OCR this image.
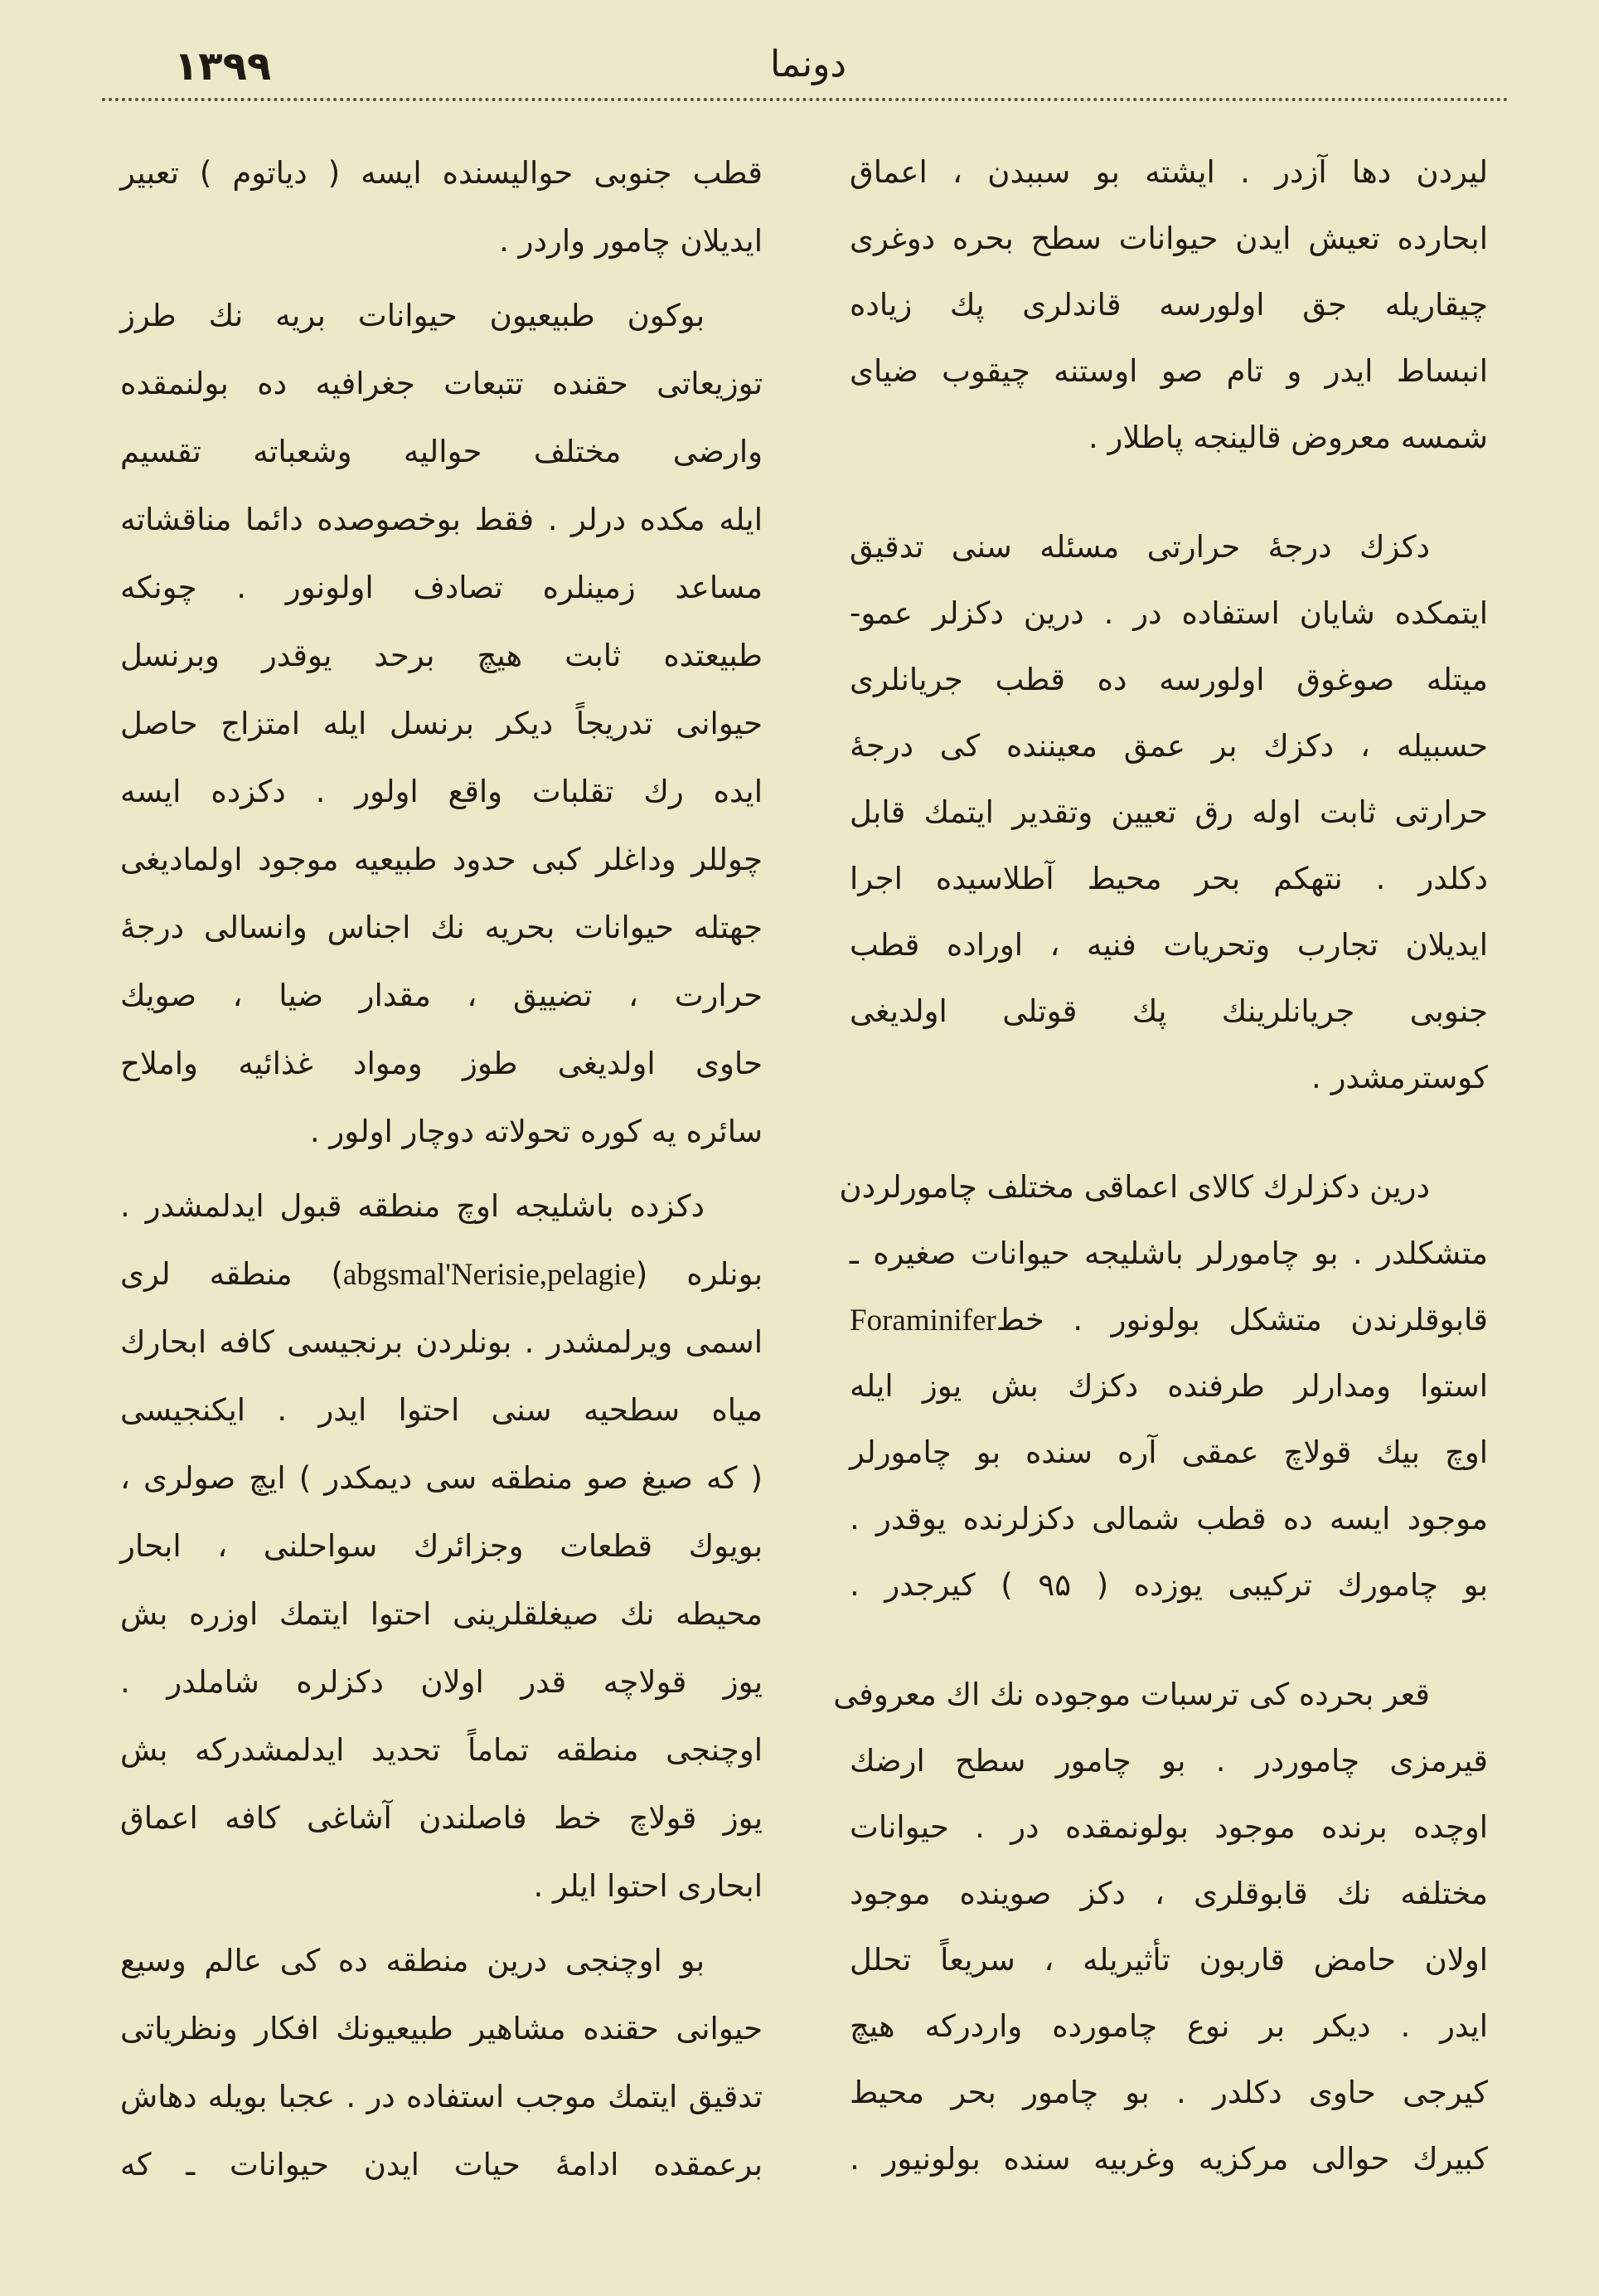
۱۳۹۹	دونما
ليردن دها آزدر . ايشته بو سببدن ، اعماق
ابحارده تعيش ايدن حيوانات سطح بحره دوغرى
چيقاريله جق اولورسه قاندلرى پك زياده
انبساط ايدر و تام صو اوستنه چيقوب ضياى
شمسه معروض قالينجه پاطلار .
دكزك درجهٔ حرارتى مسئله سنى تدقيق
ايتمكده شايان استفاده در . درين دكزلر عمو-
ميتله صوغوق اولورسه ده قطب جريانلرى
حسبيله ، دكزك بر عمق معيننده كى درجهٔ
حرارتى ثابت اوله رق تعيين وتقدير ايتمك قابل
دكلدر . نتهكم بحر محيط آطلاسيده اجرا
ايديلان تجارب وتحريات فنيه ، اوراده قطب
جنوبى جريانلرينك پك قوتلى اولديغى
كوسترمشدر .
درين دكزلرك كالاى اعماقى مختلف چامورلردن
متشكلدر . بو چامورلر باشليجه حيوانات صغيره ـ
قابوقلرندن متشكل بولونور . خطForaminifer
استوا ومدارلر طرفنده دكزك بش يوز ايله
اوچ بيك قولاچ عمقى آره سنده بو چامورلر
موجود ايسه ده قطب شمالى دكزلرنده يوقدر .
بو چامورك تركيبى يوزده ( ۹۵ ) كيرجدر .
قعر بحرده كى ترسبات موجوده نك اك معروفى
قيرمزى چاموردر . بو چامور سطح ارضك
اوچده برنده موجود بولونمقده در . حيوانات
مختلفه نك قابوقلرى ، دكز صوينده موجود
اولان حامض قاربون تأثيريله ، سريعاً تحلل
ايدر . ديكر بر نوع چامورده واردركه هيچ
كيرجى حاوى دكلدر . بو چامور بحر محيط
كبيرك حوالى مركزيه وغربيه سنده بولونيور .
قطب جنوبى حواليسنده ايسه ( دياتوم ) تعبير
ايديلان چامور واردر .
بوكون طبيعيون حيوانات بريه نك طرز
توزيعاتى حقنده تتبعات جغرافيه ده بولنمقده
وارضى مختلف حواليه وشعباته تقسيم
ايله مكده درلر . فقط بوخصوصده دائما مناقشاته
مساعد زمينلره تصادف اولونور . چونكه
طبيعتده ثابت هيچ برحد يوقدر وبرنسل
حيوانى تدريجاً ديكر برنسل ايله امتزاج حاصل
ايده رك تقلبات واقع اولور . دكزده ايسه
چوللر وداغلر كبى حدود طبيعيه موجود اولماديغى
جهتله حيوانات بحريه نك اجناس وانسالى درجهٔ
حرارت ، تضييق ، مقدار ضيا ، صويك
حاوى اولديغى طوز ومواد غذائيه واملاح
سائره يه كوره تحولاته دوچار اولور .
دكزده باشليجه اوچ منطقه قبول ايدلمشدر .
بونلره (abgsmal'Nerisie,pelagie) منطقه لرى
اسمى ويرلمشدر . بونلردن برنجيسى كافه ابحارك
مياه سطحيه سنى احتوا ايدر . ايكنجيسى
( كه صيغ صو منطقه سى ديمكدر ) ايچ صولرى ،
بويوك قطعات وجزائرك سواحلنى ، ابحار
محيطه نك صيغلقلرينى احتوا ايتمك اوزره بش
يوز قولاچه قدر اولان دكزلره شاملدر .
اوچنجى منطقه تماماً تحديد ايدلمشدركه بش
يوز قولاچ خط فاصلندن آشاغى كافه اعماق
ابحارى احتوا ايلر .
بو اوچنجى درين منطقه ده كى عالم وسيع
حيوانى حقنده مشاهير طبيعيونك افكار ونظرياتى
تدقيق ايتمك موجب استفاده در . عجبا بويله دهاش
برعمقده ادامهٔ حيات ايدن حيوانات ـ كه
